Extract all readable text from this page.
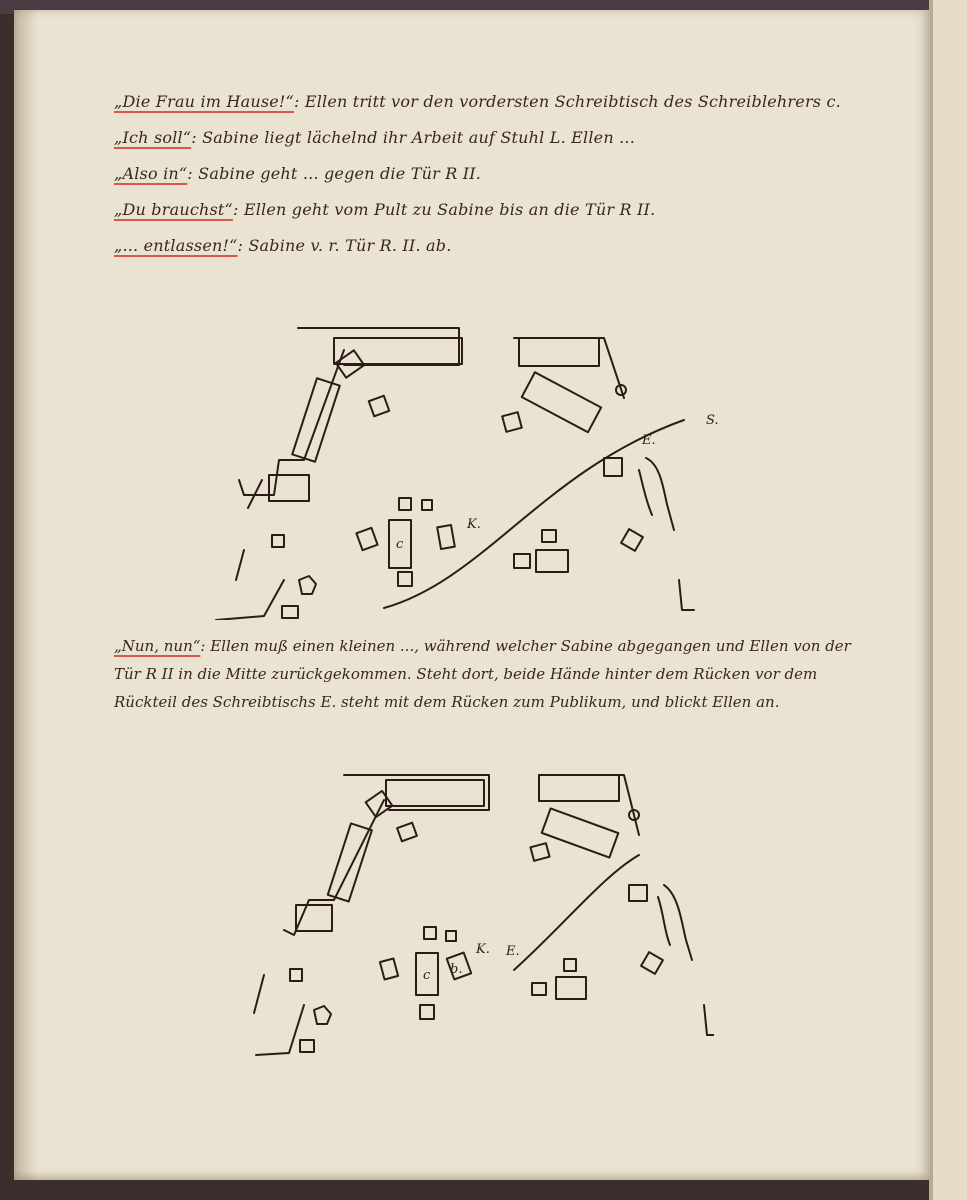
„Die Frau im Hause!“: Ellen tritt vor den vordersten Schreibtisch des Schreiblehrers c.
„Ich soll“: Sabine liegt lächelnd ihr Arbeit auf Stuhl L. Ellen ...
„Also in“: Sabine geht ... gegen die Tür R II.
„Du brauchst“: Ellen geht vom Pult zu Sabine bis an die Tür R II.
„... entlassen!“: Sabine v. r. Tür R. II. ab.
c
K.
E.
S.
„Nun, nun“: Ellen muß einen kleinen ..., während welcher Sabine abgegangen und Ellen von der Tür R II in die Mitte zurückgekommen. Steht dort, beide Hände hinter dem Rücken vor dem Rückteil des Schreibtischs E. steht mit dem Rücken zum Publikum, und blickt Ellen an.
c b.
K. E.
